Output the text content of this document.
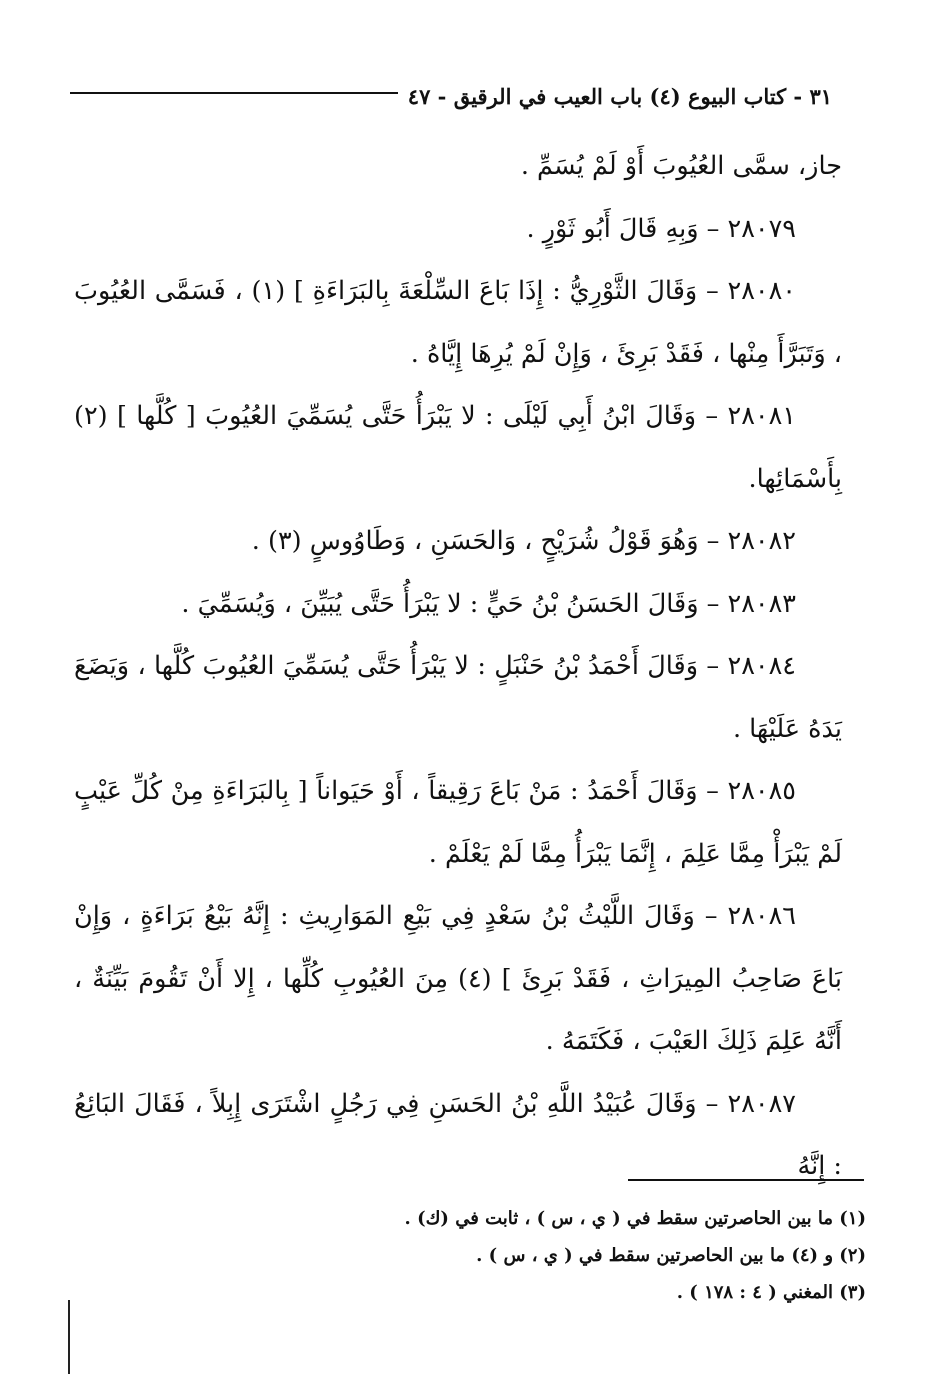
٣١ - كتاب البيوع (٤) باب العيب في الرقيق - ٤٧

جاز، سمَّى العُيُوبَ أَوْ لَمْ يُسَمِّ .

٢٨٠٧٩ – وَبِهِ قَالَ أَبُو ثَوْرٍ .

٢٨٠٨٠ – وَقَالَ الثَّوْرِيُّ : إِذَا بَاعَ السِّلْعَةَ بِالبَرَاءَةِ ] (١) ، فَسَمَّى العُيُوبَ ، وَتَبَرَّأَ مِنْها ، فَقَدْ بَرِئَ ، وَإِنْ لَمْ يُرِهَا إِيَّاهُ .

٢٨٠٨١ – وَقَالَ ابْنُ أَبِي لَيْلَى : لا يَبْرَأُ حَتَّى يُسَمِّيَ العُيُوبَ [ كُلَّها ] (٢) بِأَسْمَائِها.

٢٨٠٨٢ – وَهُوَ قَوْلُ شُرَيْحٍ ، وَالحَسَنِ ، وَطَاوُوسٍ (٣) .

٢٨٠٨٣ – وَقَالَ الحَسَنُ بْنُ حَيٍّ : لا يَبْرَأُ حَتَّى يُبَيِّنَ ، وَيُسَمِّيَ .

٢٨٠٨٤ – وَقَالَ أَحْمَدُ بْنُ حَنْبَلٍ : لا يَبْرَأُ حَتَّى يُسَمِّيَ العُيُوبَ كُلَّها ، وَيَضَعَ يَدَهُ عَلَيْهَا .

٢٨٠٨٥ – وَقَالَ أَحْمَدُ : مَنْ بَاعَ رَقِيقاً ، أَوْ حَيَواناً [ بِالبَرَاءَةِ مِنْ كُلِّ عَيْبٍ لَمْ يَبْرَأْ مِمَّا عَلِمَ ، إِنَّمَا يَبْرَأُ مِمَّا لَمْ يَعْلَمْ .

٢٨٠٨٦ – وَقَالَ اللَّيْثُ بْنُ سَعْدٍ فِي بَيْعِ المَوَارِيثِ : إِنَّهُ بَيْعُ بَرَاءَةٍ ، وَإِنْ بَاعَ صَاحِبُ المِيرَاثِ ، فَقَدْ بَرِئَ ] (٤) مِنَ العُيُوبِ كُلِّها ، إِلا أَنْ تَقُومَ بَيِّنَةٌ ، أَنَّهُ عَلِمَ ذَلِكَ العَيْبَ ، فَكَتَمَهُ .

٢٨٠٨٧ – وَقَالَ عُبَيْدُ اللَّهِ بْنُ الحَسَنِ فِي رَجُلٍ اشْتَرَى إِبِلاً ، فَقَالَ البَائِعُ : إِنَّهُ

(١) ما بين الحاصرتين سقط في ( ي ، س ) ، ثابت في (ك) .

(٢) و (٤) ما بين الحاصرتين سقط في ( ي ، س ) .

(٣) المغني ( ٤ : ١٧٨ ) .
